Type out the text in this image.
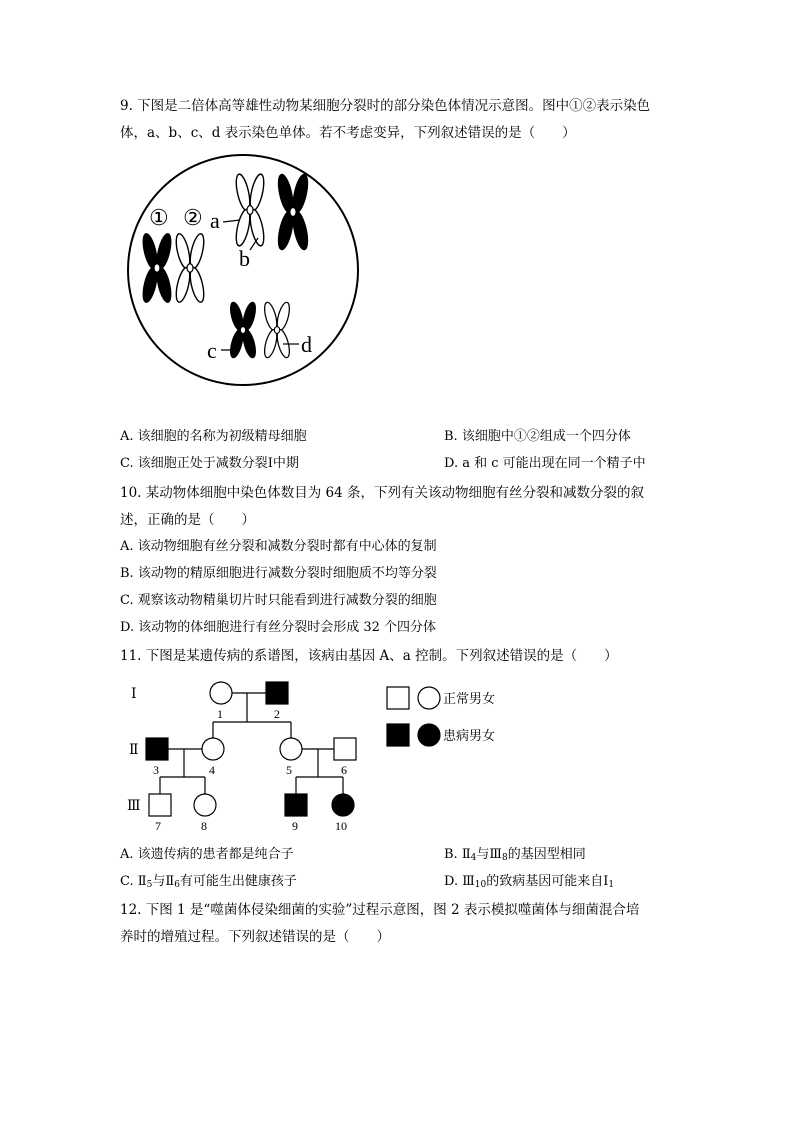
9. 下图是二倍体高等雄性动物某细胞分裂时的部分染色体情况示意图。图中①②表示染色
体，a、b、c、d 表示染色单体。若不考虑变异，下列叙述错误的是（　　）
① ② a
b
c	d
A. 该细胞的名称为初级精母细胞	B. 该细胞中①②组成一个四分体
C. 该细胞正处于减数分裂Ⅰ中期	D. a 和 c 可能出现在同一个精子中
10. 某动物体细胞中染色体数目为 64 条，下列有关该动物细胞有丝分裂和减数分裂的叙
述，正确的是（　　）
A. 该动物细胞有丝分裂和减数分裂时都有中心体的复制
B. 该动物的精原细胞进行减数分裂时细胞质不均等分裂
C. 观察该动物精巢切片时只能看到进行减数分裂的细胞
D. 该动物的体细胞进行有丝分裂时会形成 32 个四分体
11. 下图是某遗传病的系谱图，该病由基因 A、a 控制。下列叙述错误的是（　　）
Ⅰ
Ⅱ
Ⅲ
1	2
3	4	5	6
7	8	9	10
正常男女
患病男女
A. 该遗传病的患者都是纯合子	B. $Ⅱ_4$与$Ⅲ_8$的基因型相同
C. $Ⅱ_5$与$Ⅱ_6$有可能生出健康孩子	D. $Ⅲ_{10}$的致病基因可能来自$Ⅰ_1$
12. 下图 1 是“噬菌体侵染细菌的实验”过程示意图，图 2 表示模拟噬菌体与细菌混合培
养时的增殖过程。下列叙述错误的是（　　）
